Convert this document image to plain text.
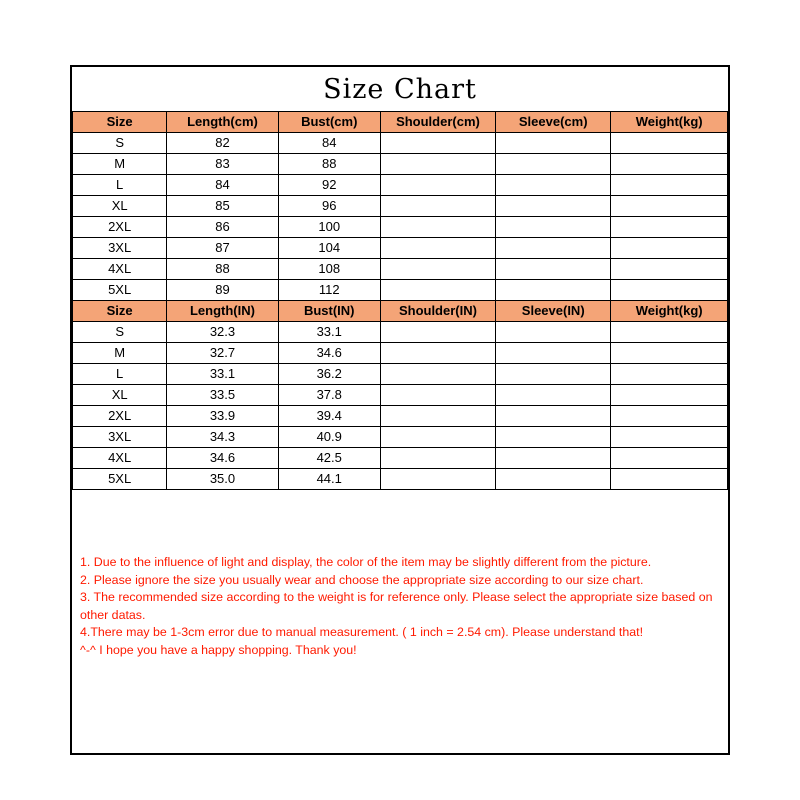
Size Chart
Size	Length(cm)	Bust(cm)	Shoulder(cm)	Sleeve(cm)	Weight(kg)
S	82	84			
M	83	88			
L	84	92			
XL	85	96			
2XL	86	100			
3XL	87	104			
4XL	88	108			
5XL	89	112			
Size	Length(IN)	Bust(IN)	Shoulder(IN)	Sleeve(IN)	Weight(kg)
S	32.3	33.1			
M	32.7	34.6			
L	33.1	36.2			
XL	33.5	37.8			
2XL	33.9	39.4			
3XL	34.3	40.9			
4XL	34.6	42.5			
5XL	35.0	44.1			

1. Due to the influence of light and display, the color of the item may be slightly different from the picture.

2. Please ignore the size you usually wear and choose the appropriate size according to our size chart.

3. The recommended size according to the weight is for reference only. Please select the appropriate size based on other datas.

4.There may be 1-3cm error due to manual measurement. ( 1 inch = 2.54 cm). Please understand that!

^-^ I hope you have a happy shopping. Thank you!
